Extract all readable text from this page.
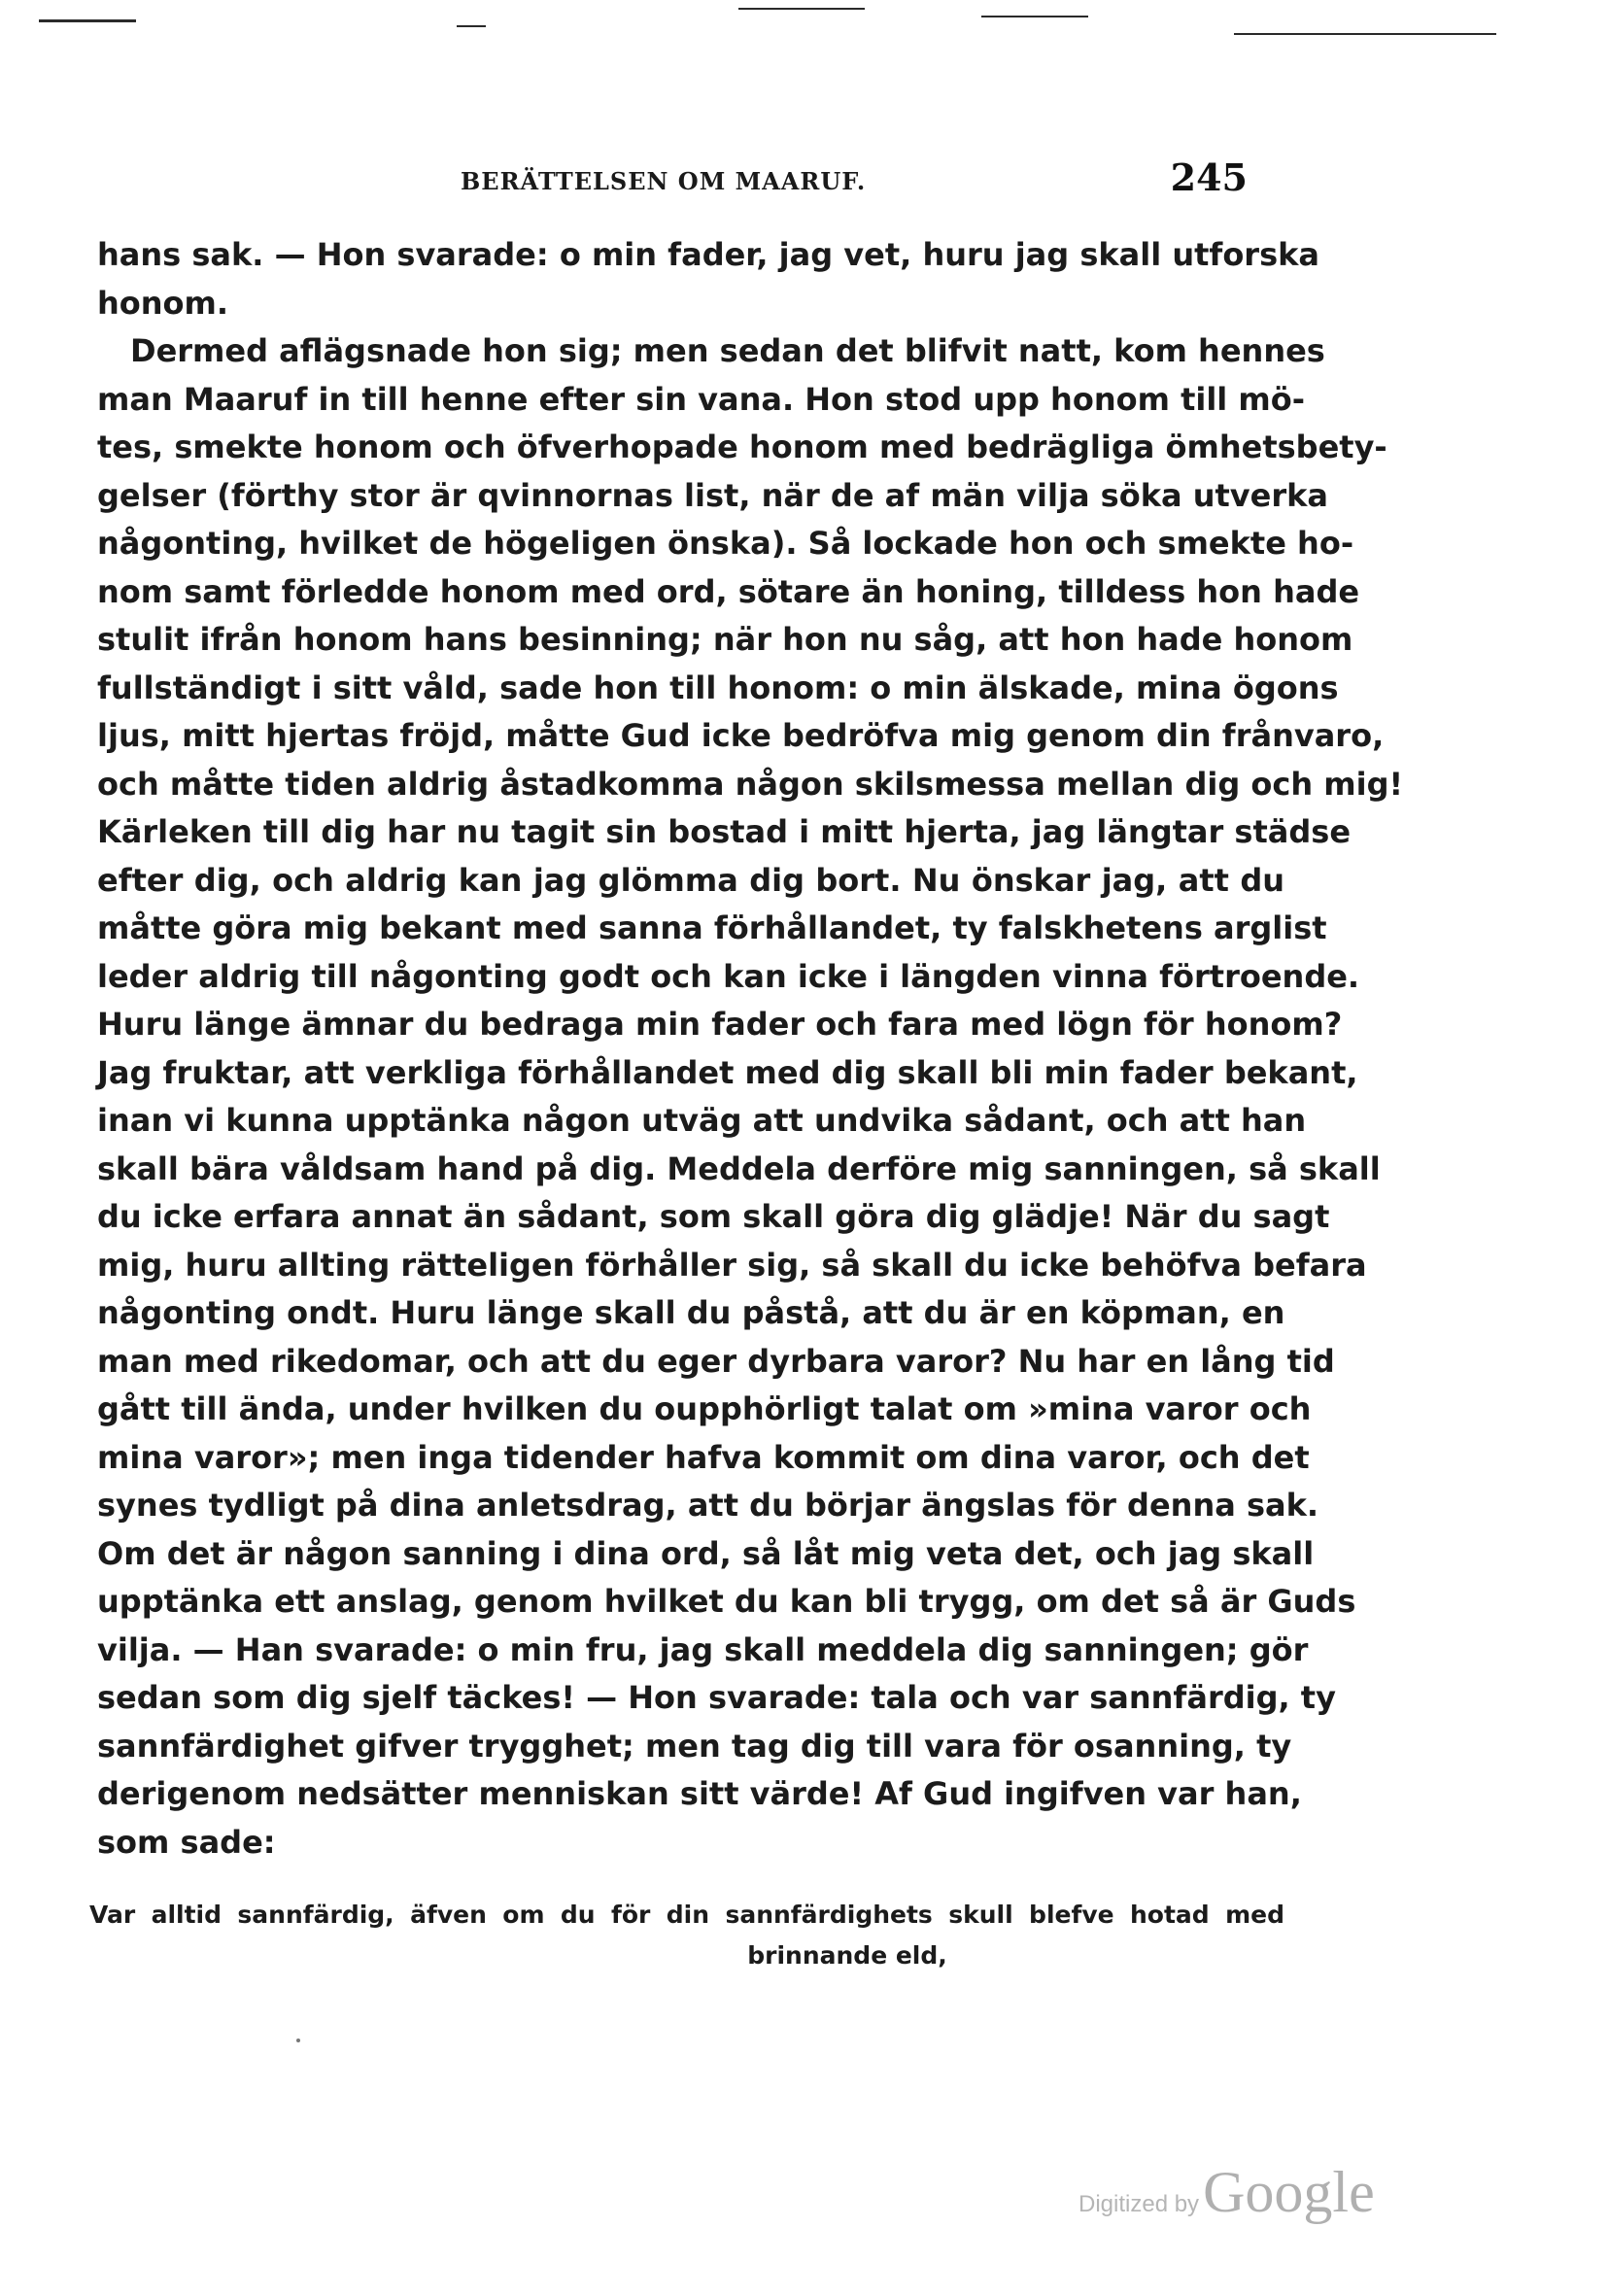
BERÄTTELSEN OM MAARUF.	245
hans sak. — Hon svarade: o min fader, jag vet, huru jag skall utforska
honom.
Dermed aflägsnade hon sig; men sedan det blifvit natt, kom hennes
man Maaruf in till henne efter sin vana. Hon stod upp honom till mö-
tes, smekte honom och öfverhopade honom med bedrägliga ömhetsbety-
gelser (förthy stor är qvinnornas list, när de af män vilja söka utverka
någonting, hvilket de högeligen önska). Så lockade hon och smekte ho-
nom samt förledde honom med ord, sötare än honing, tilldess hon hade
stulit ifrån honom hans besinning; när hon nu såg, att hon hade honom
fullständigt i sitt våld, sade hon till honom: o min älskade, mina ögons
ljus, mitt hjertas fröjd, måtte Gud icke bedröfva mig genom din frånvaro,
och måtte tiden aldrig åstadkomma någon skilsmessa mellan dig och mig!
Kärleken till dig har nu tagit sin bostad i mitt hjerta, jag längtar städse
efter dig, och aldrig kan jag glömma dig bort. Nu önskar jag, att du
måtte göra mig bekant med sanna förhållandet, ty falskhetens arglist
leder aldrig till någonting godt och kan icke i längden vinna förtroende.
Huru länge ämnar du bedraga min fader och fara med lögn för honom?
Jag fruktar, att verkliga förhållandet med dig skall bli min fader bekant,
inan vi kunna upptänka någon utväg att undvika sådant, och att han
skall bära våldsam hand på dig. Meddela derföre mig sanningen, så skall
du icke erfara annat än sådant, som skall göra dig glädje! När du sagt
mig, huru allting rätteligen förhåller sig, så skall du icke behöfva befara
någonting ondt. Huru länge skall du påstå, att du är en köpman, en
man med rikedomar, och att du eger dyrbara varor? Nu har en lång tid
gått till ända, under hvilken du oupphörligt talat om »mina varor och
mina varor»; men inga tidender hafva kommit om dina varor, och det
synes tydligt på dina anletsdrag, att du börjar ängslas för denna sak.
Om det är någon sanning i dina ord, så låt mig veta det, och jag skall
upptänka ett anslag, genom hvilket du kan bli trygg, om det så är Guds
vilja. — Han svarade: o min fru, jag skall meddela dig sanningen; gör
sedan som dig sjelf täckes! — Hon svarade: tala och var sannfärdig, ty
sannfärdighet gifver trygghet; men tag dig till vara för osanning, ty
derigenom nedsätter menniskan sitt värde! Af Gud ingifven var han,
som sade:
Var alltid sannfärdig, äfven om du för din sannfärdighets skull blefve hotad med
brinnande eld,
Digitized byGoogle
